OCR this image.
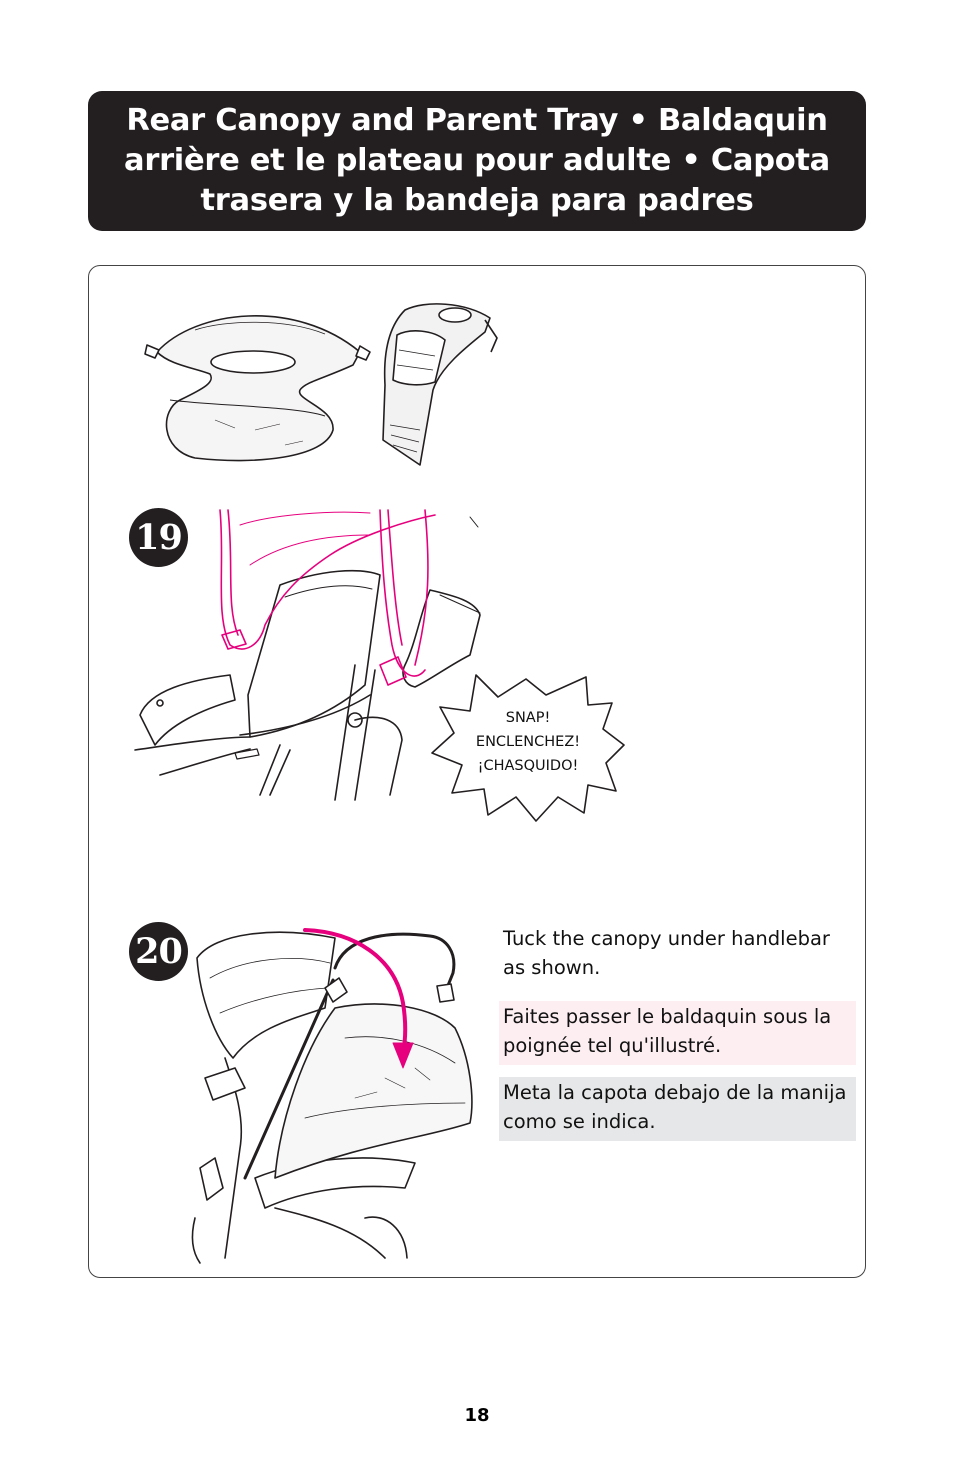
Rear Canopy and Parent Tray • Baldaquin arrière et le plateau pour adulte • Capota trasera y la bandeja para padres
19
SNAP!
ENCLENCHEZ!
¡CHASQUIDO!
20	Tuck the canopy under handlebar as shown.
Faites passer le baldaquin sous la poignée tel qu'illustré.
Meta la capota debajo de la manija como se indica.
18
